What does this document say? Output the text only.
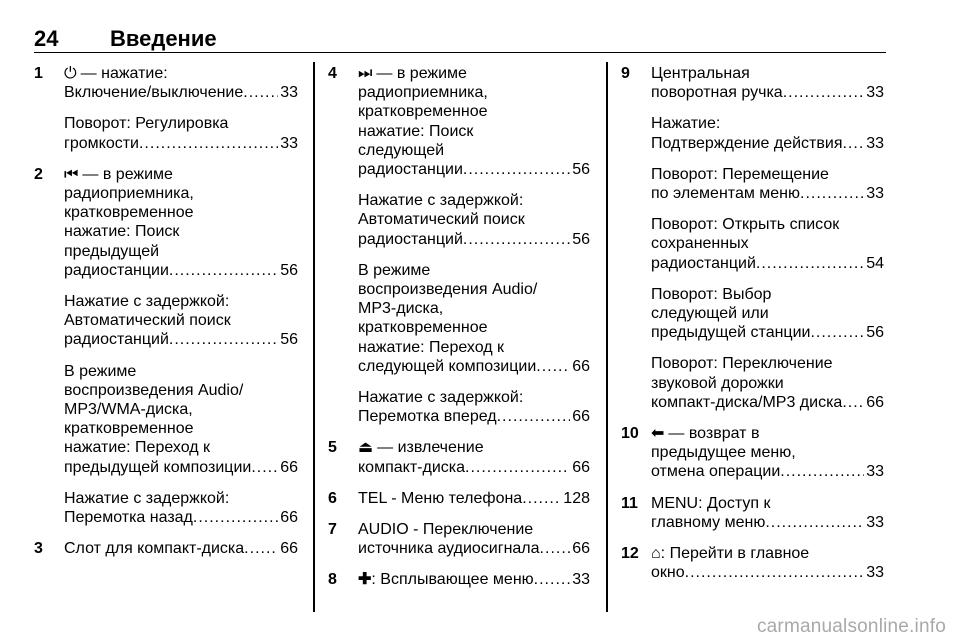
24 Введение
1 ⏻ — нажатие:
Включение/выключение ..... 33
Поворот: Регулировка
громкости .....	33
2 ⏮ — в режиме
радиоприемника,
кратковременное
нажатие: Поиск
предыдущей
радиостанции .....	56
Нажатие с задержкой:
Автоматический поиск
радиостанций .....	56
В режиме
воспроизведения Audio/
MP3/WMA-диска,
кратковременное
нажатие: Переход к
предыдущей композиции ..... 66
Нажатие с задержкой:
Перемотка назад .....	66
3 Слот для компакт-диска ..... 66
4 ⏭ — в режиме
радиоприемника,
кратковременное
нажатие: Поиск
следующей
радиостанции .....	56
Нажатие с задержкой:
Автоматический поиск
радиостанций .....	56
В режиме
воспроизведения Audio/
MP3-диска,
кратковременное
нажатие: Переход к
следующей композиции ..... 66
Нажатие с задержкой:
Перемотка вперед .....	66
5 ⏏ — извлечение
компакт-диска .....	66
6 TEL - Меню телефона .....	128
7 AUDIO - Переключение
источника аудиосигнала ..... 66
8 ✚: Всплывающее меню ..... 33
9 Центральная
поворотная ручка .....	33
Нажатие:
Подтверждение действия ..... 33
Поворот: Перемещение
по элементам меню .....	33
Поворот: Открыть список
сохраненных
радиостанций .....	54
Поворот: Выбор
следующей или
предыдущей станции .....	56
Поворот: Переключение
звуковой дорожки
компакт-диска/MP3 диска ..... 66
10 ⬅ — возврат в
предыдущее меню,
отмена операции .....	33
11 MENU: Доступ к
главному меню .....	33
12 ⌂: Перейти в главное
окно .....	33
carmanualsonline.info
